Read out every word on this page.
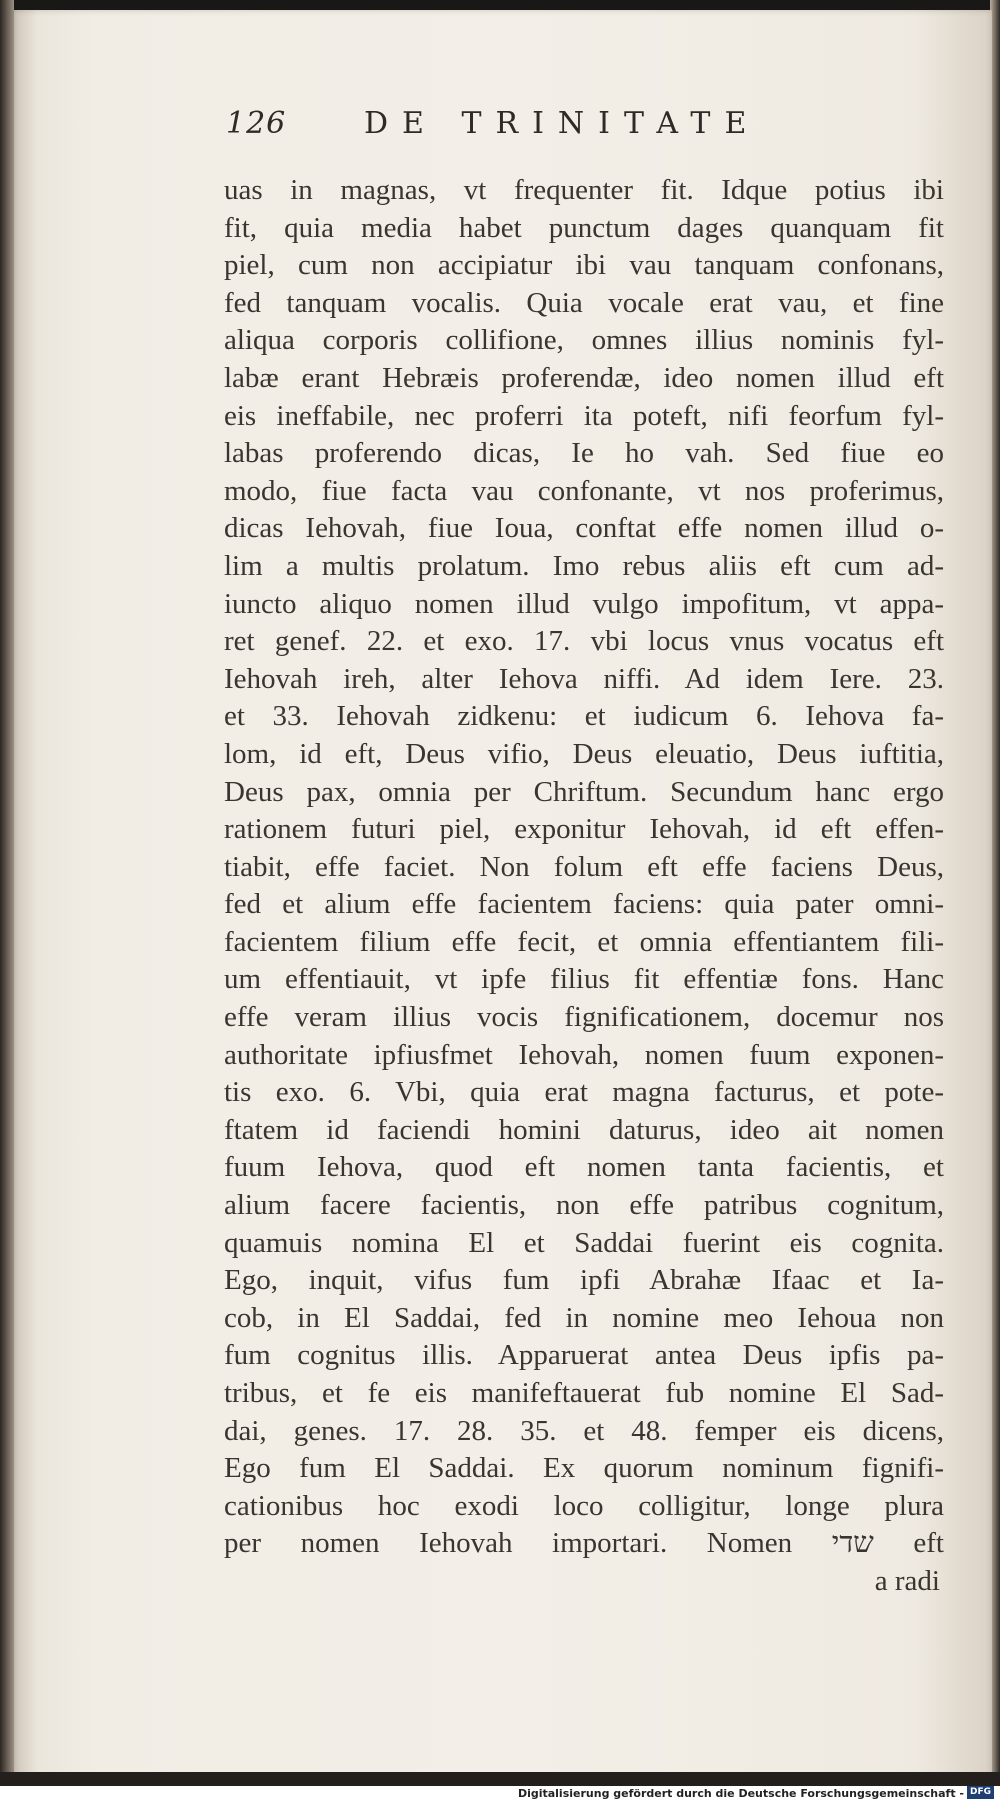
126	DE TRINITATE
uas in magnas, vt frequenter fit. Idque potius ibi
fit, quia media habet punctum dages quanquam fit
piel, cum non accipiatur ibi vau tanquam confonans,
fed tanquam vocalis. Quia vocale erat vau, et fine
aliqua corporis collifione, omnes illius nominis fyl-
labæ erant Hebræis proferendæ, ideo nomen illud eft
eis ineffabile, nec proferri ita poteft, nifi feorfum fyl-
labas proferendo dicas, Ie ho vah. Sed fiue eo
modo, fiue facta vau confonante, vt nos proferimus,
dicas Iehovah, fiue Ioua, conftat effe nomen illud o-
lim a multis prolatum. Imo rebus aliis eft cum ad-
iuncto aliquo nomen illud vulgo impofitum, vt appa-
ret genef. 22. et exo. 17. vbi locus vnus vocatus eft
Iehovah ireh, alter Iehova niffi. Ad idem Iere. 23.
et 33. Iehovah zidkenu: et iudicum 6. Iehova fa-
lom, id eft, Deus vifio, Deus eleuatio, Deus iuftitia,
Deus pax, omnia per Chriftum. Secundum hanc ergo
rationem futuri piel, exponitur Iehovah, id eft effen-
tiabit, effe faciet. Non folum eft effe faciens Deus,
fed et alium effe facientem faciens: quia pater omni-
facientem filium effe fecit, et omnia effentiantem fili-
um effentiauit, vt ipfe filius fit effentiæ fons. Hanc
effe veram illius vocis fignificationem, docemur nos
authoritate ipfiusfmet Iehovah, nomen fuum exponen-
tis exo. 6. Vbi, quia erat magna facturus, et pote-
ftatem id faciendi homini daturus, ideo ait nomen
fuum Iehova, quod eft nomen tanta facientis, et
alium facere facientis, non effe patribus cognitum,
quamuis nomina El et Saddai fuerint eis cognita.
Ego, inquit, vifus fum ipfi Abrahæ Ifaac et Ia-
cob, in El Saddai, fed in nomine meo Iehoua non
fum cognitus illis. Apparuerat antea Deus ipfis pa-
tribus, et fe eis manifeftauerat fub nomine El Sad-
dai, genes. 17. 28. 35. et 48. femper eis dicens,
Ego fum El Saddai. Ex quorum nominum fignifi-
cationibus hoc exodi loco colligitur, longe plura
per nomen Iehovah importari. Nomen שדי eft
a radi
Digitalisierung gefördert durch die Deutsche Forschungsgemeinschaft - DFG
